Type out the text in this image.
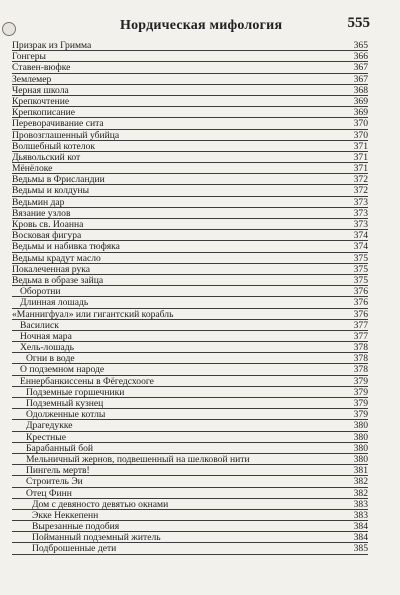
Нордическая мифология	555
Призрак из Гримма	365
Гонгеры	366
Ставен-вюфке	367
Землемер	367
Черная школа	368
Крепкочтение	369
Крепкописание	369
Переворачивание сита	370
Провозглашенный убийца	370
Волшебный котелок	371
Дьявольский кот	371
Мёнёлоке	371
Ведьмы в Фрисландии	372
Ведьмы и колдуны	372
Ведьмин дар	373
Вязание узлов	373
Кровь св. Иоанна	373
Восковая фигура	374
Ведьмы и набивка тюфяка	374
Ведьмы крадут масло	375
Покалеченная рука	375
Ведьма в образе зайца	375
Оборотни	376
Длинная лошадь	376
«Маннигфуал» или гигантский корабль	376
Василиск	377
Ночная мара	377
Хель-лошадь	378
Огни в воде	378
О подземном народе	378
Еннербанкиссены в Фёгедсхооге	379
Подземные горшечники	379
Подземный кузнец	379
Одолженные котлы	379
Драгедукке	380
Крестные	380
Барабанный бой	380
Мельничный жернов, подвешенный на шелковой нити	380
Пингель мертв!	381
Строитель Эи	382
Отец Финн	382
Дом с девяностo девятью окнами	383
Экке Неккепенн	383
Вырезанные подобия	384
Пойманный подземный житель	384
Подброшенные дети	385
